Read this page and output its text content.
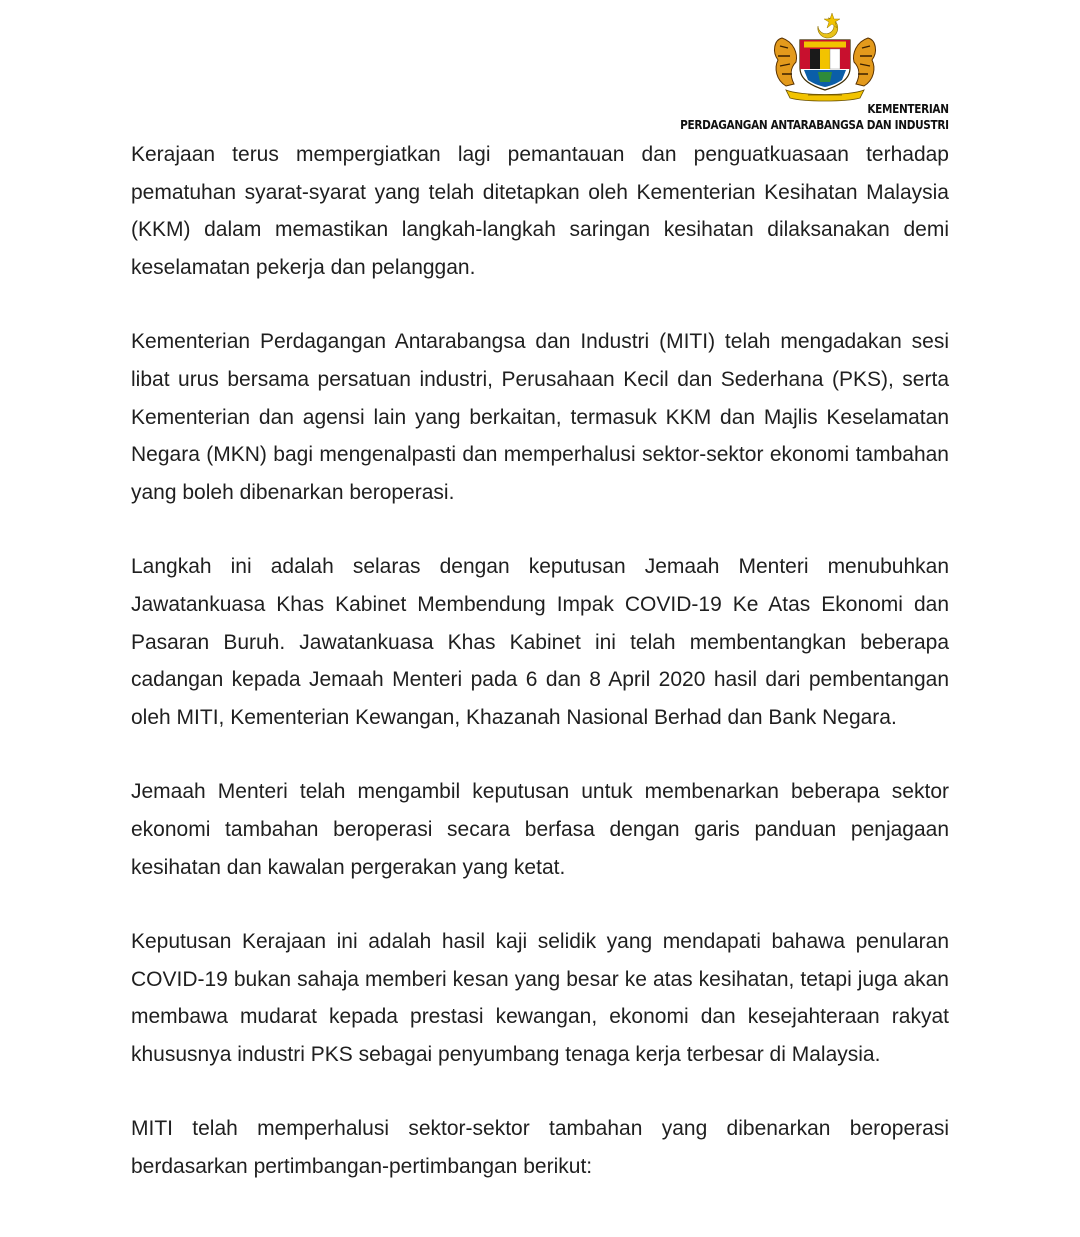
KEMENTERIAN
PERDAGANGAN ANTARABANGSA DAN INDUSTRI

Kerajaan terus mempergiatkan lagi pemantauan dan penguatkuasaan terhadap pematuhan syarat-syarat yang telah ditetapkan oleh Kementerian Kesihatan Malaysia (KKM) dalam memastikan langkah-langkah saringan kesihatan dilaksanakan demi keselamatan pekerja dan pelanggan.

Kementerian Perdagangan Antarabangsa dan Industri (MITI) telah mengadakan sesi libat urus bersama persatuan industri, Perusahaan Kecil dan Sederhana (PKS), serta Kementerian dan agensi lain yang berkaitan, termasuk KKM dan Majlis Keselamatan Negara (MKN) bagi mengenalpasti dan memperhalusi sektor-sektor ekonomi tambahan yang boleh dibenarkan beroperasi.

Langkah ini adalah selaras dengan keputusan Jemaah Menteri menubuhkan Jawatankuasa Khas Kabinet Membendung Impak COVID-19 Ke Atas Ekonomi dan Pasaran Buruh. Jawatankuasa Khas Kabinet ini telah membentangkan beberapa cadangan kepada Jemaah Menteri pada 6 dan 8 April 2020 hasil dari pembentangan oleh MITI, Kementerian Kewangan, Khazanah Nasional Berhad dan Bank Negara.

Jemaah Menteri telah mengambil keputusan untuk membenarkan beberapa sektor ekonomi tambahan beroperasi secara berfasa dengan garis panduan penjagaan kesihatan dan kawalan pergerakan yang ketat.

Keputusan Kerajaan ini adalah hasil kaji selidik yang mendapati bahawa penularan COVID-19 bukan sahaja memberi kesan yang besar ke atas kesihatan, tetapi juga akan membawa mudarat kepada prestasi kewangan, ekonomi dan kesejahteraan rakyat khususnya industri PKS sebagai penyumbang tenaga kerja terbesar di Malaysia.

MITI telah memperhalusi sektor-sektor tambahan yang dibenarkan beroperasi berdasarkan pertimbangan-pertimbangan berikut:
